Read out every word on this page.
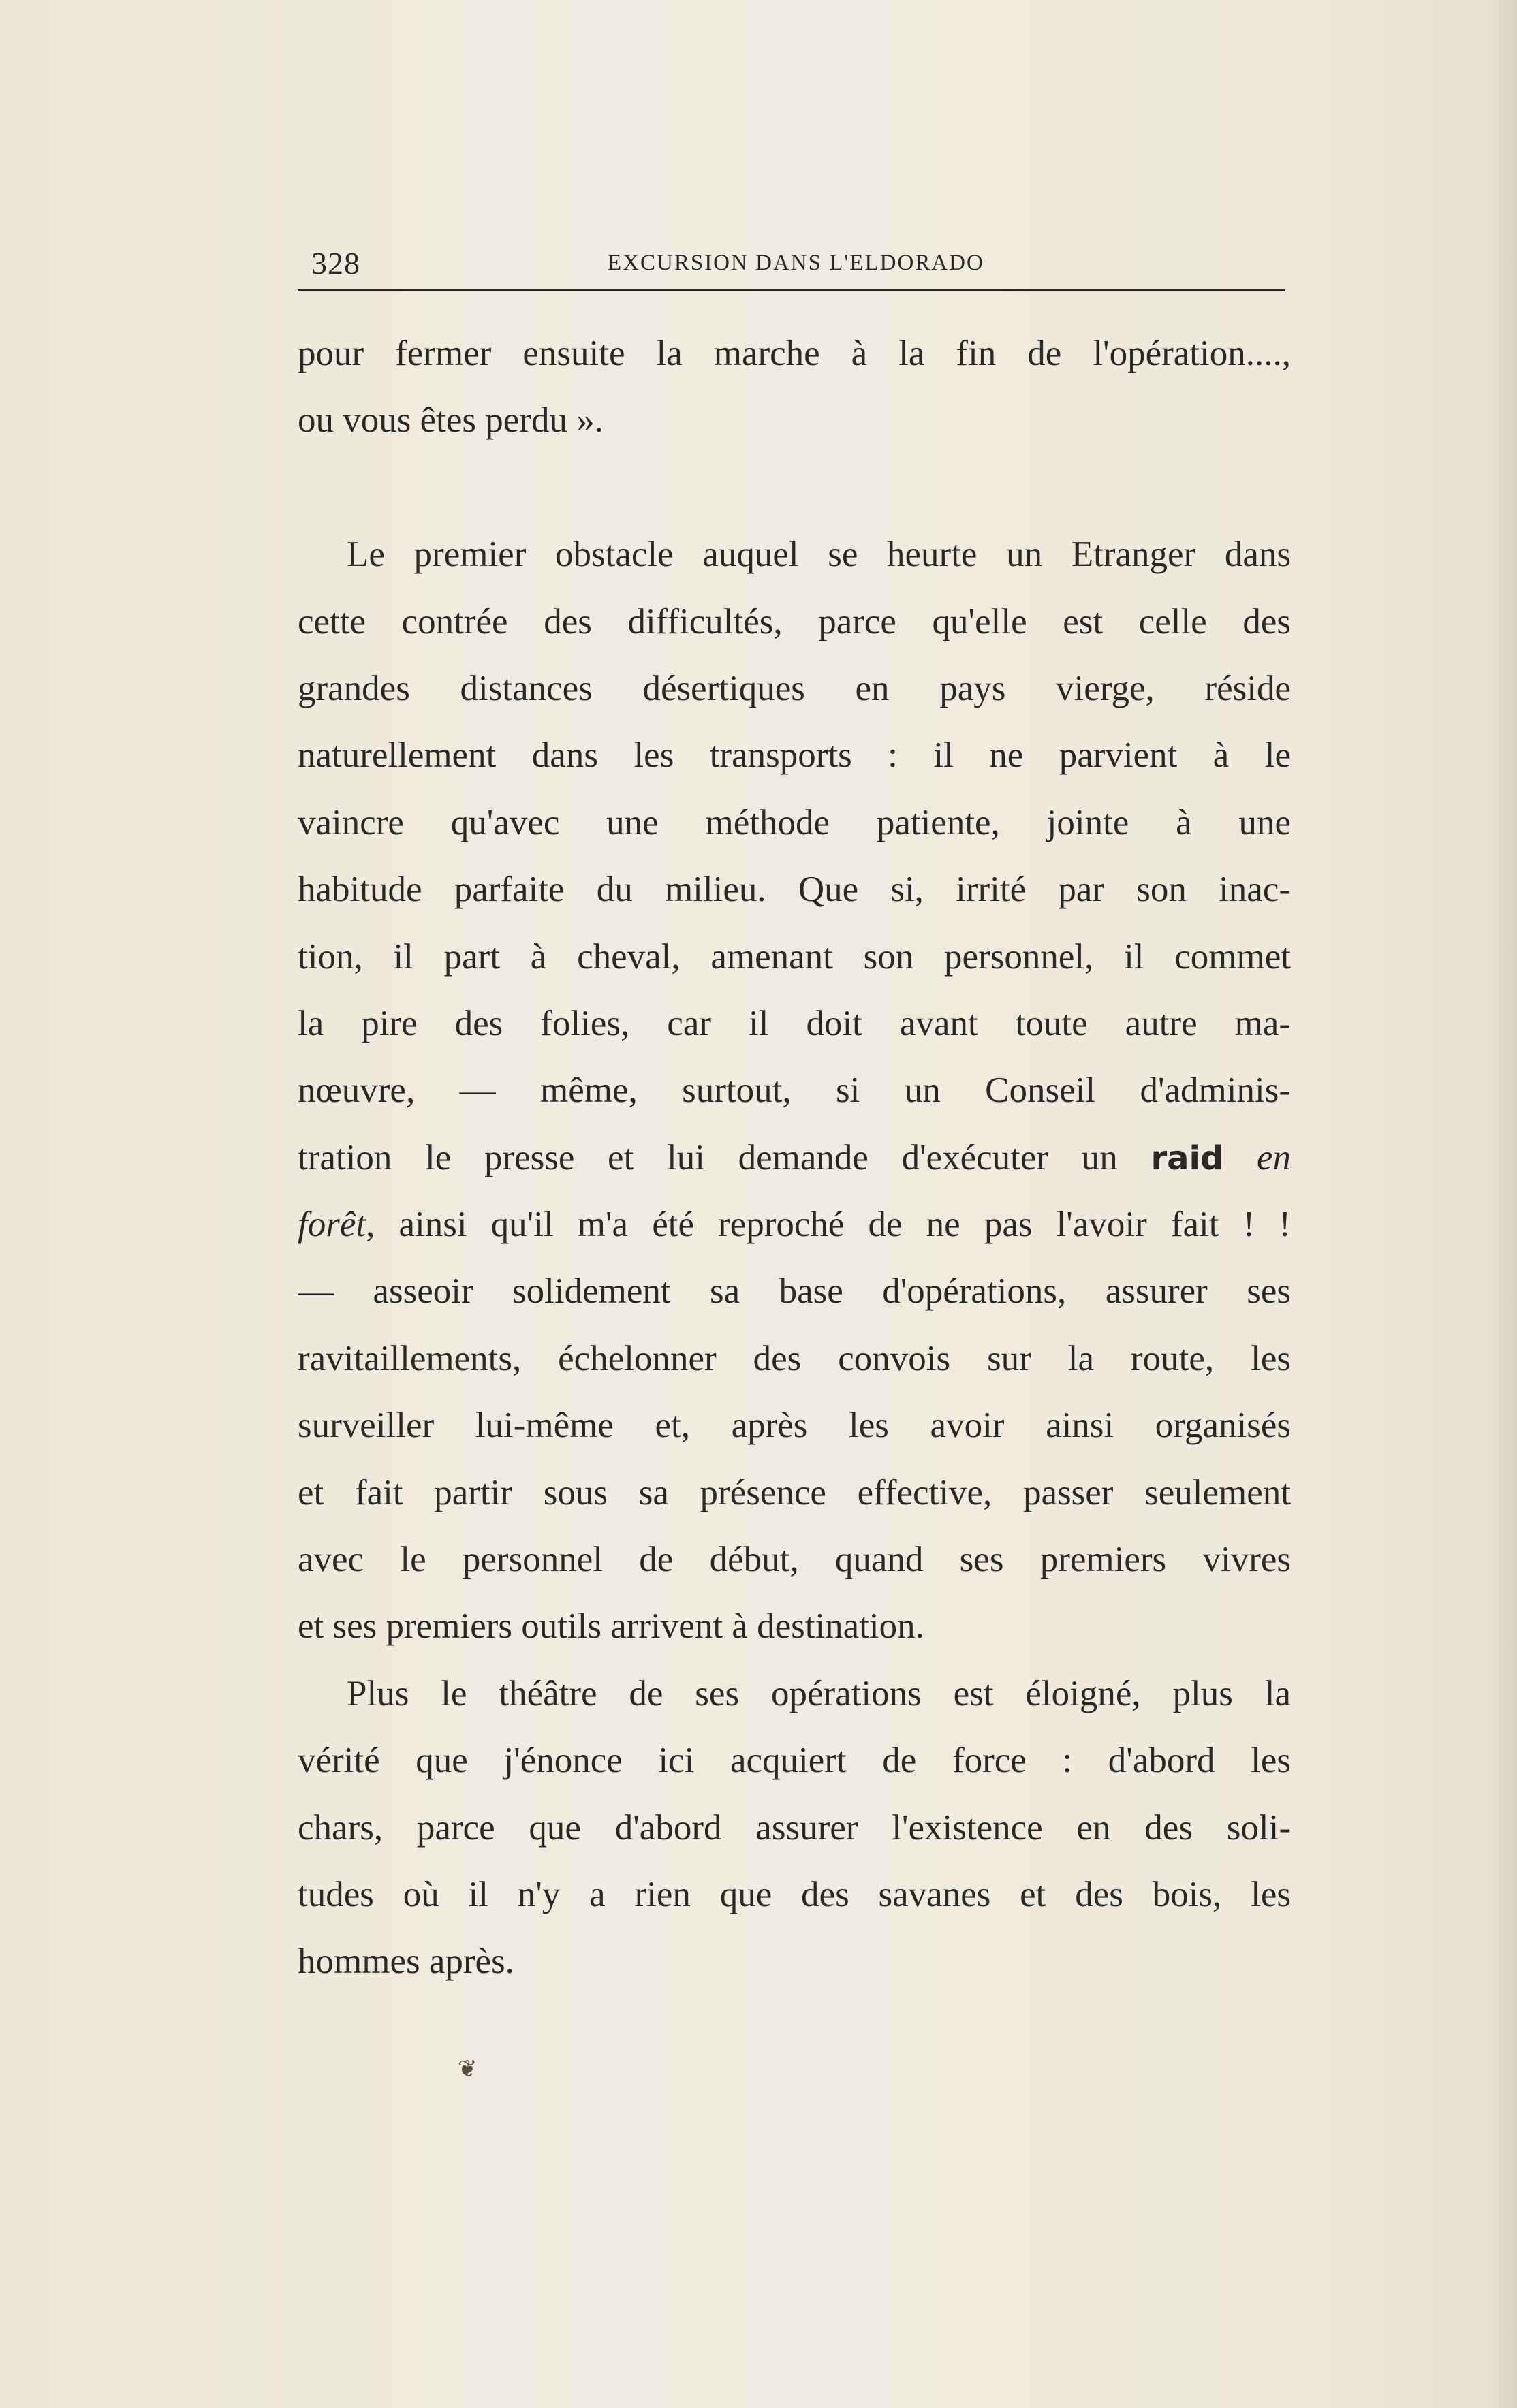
328	EXCURSION DANS L'ELDORADO
pour fermer ensuite la marche à la fin de l'opération....,
ou vous êtes perdu ».
Le premier obstacle auquel se heurte un Etranger dans
cette contrée des difficultés, parce qu'elle est celle des
grandes distances désertiques en pays vierge, réside
naturellement dans les transports : il ne parvient à le
vaincre qu'avec une méthode patiente, jointe à une
habitude parfaite du milieu. Que si, irrité par son inac-
tion, il part à cheval, amenant son personnel, il commet
la pire des folies, car il doit avant toute autre ma-
nœuvre, — même, surtout, si un Conseil d'adminis-
tration le presse et lui demande d'exécuter un raid en
forêt, ainsi qu'il m'a été reproché de ne pas l'avoir fait ! !
— asseoir solidement sa base d'opérations, assurer ses
ravitaillements, échelonner des convois sur la route, les
surveiller lui-même et, après les avoir ainsi organisés
et fait partir sous sa présence effective, passer seulement
avec le personnel de début, quand ses premiers vivres
et ses premiers outils arrivent à destination.
Plus le théâtre de ses opérations est éloigné, plus la
vérité que j'énonce ici acquiert de force : d'abord les
chars, parce que d'abord assurer l'existence en des soli-
tudes où il n'y a rien que des savanes et des bois, les
hommes après.
❦
